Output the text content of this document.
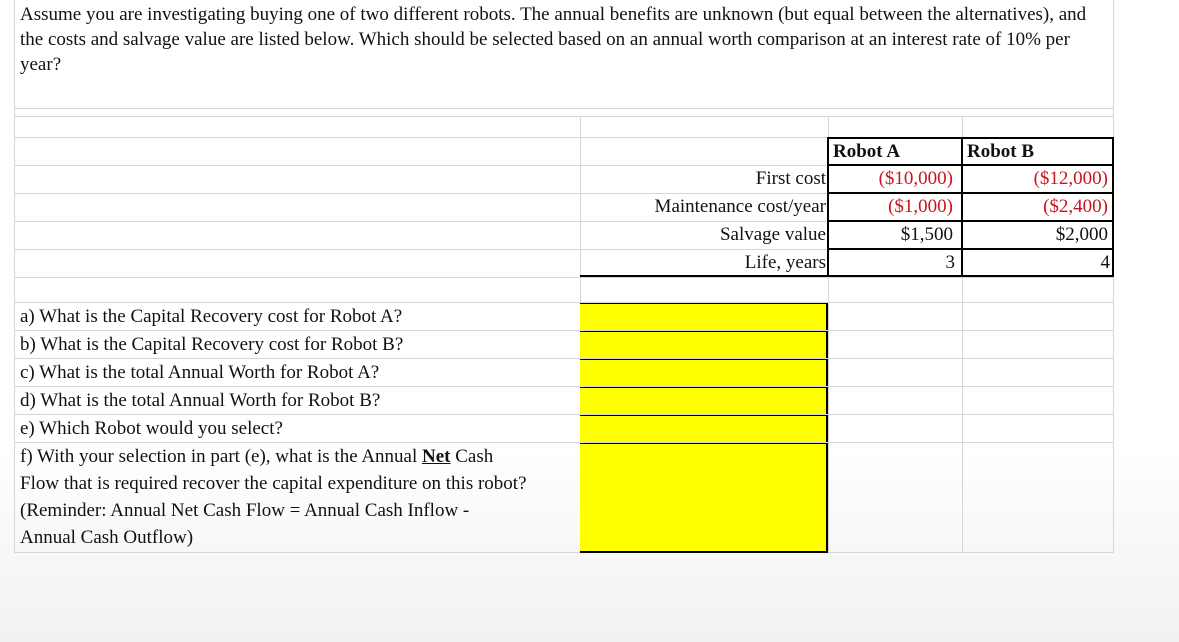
Assume you are investigating buying one of two different robots. The annual benefits are unknown (but equal between the alternatives), and the costs and salvage value are listed below. Which should be selected based on an annual worth comparison at an interest rate of 10% per year?
Robot A	Robot B
First cost
Maintenance cost/year
Salvage value
Life, years
($10,000)
($1,000)
$1,500
3
($12,000)
($2,400)
$2,000
4
a) What is the Capital Recovery cost for Robot A?
b) What is the Capital Recovery cost for Robot B?
c) What is the total Annual Worth for Robot A?
d) What is the total Annual Worth for Robot B?
e) Which Robot would you select?
f) With your selection in part (e), what is the Annual Net Cash
Flow that is required recover the capital expenditure on this robot?
(Reminder: Annual Net Cash Flow = Annual Cash Inflow -
Annual Cash Outflow)
